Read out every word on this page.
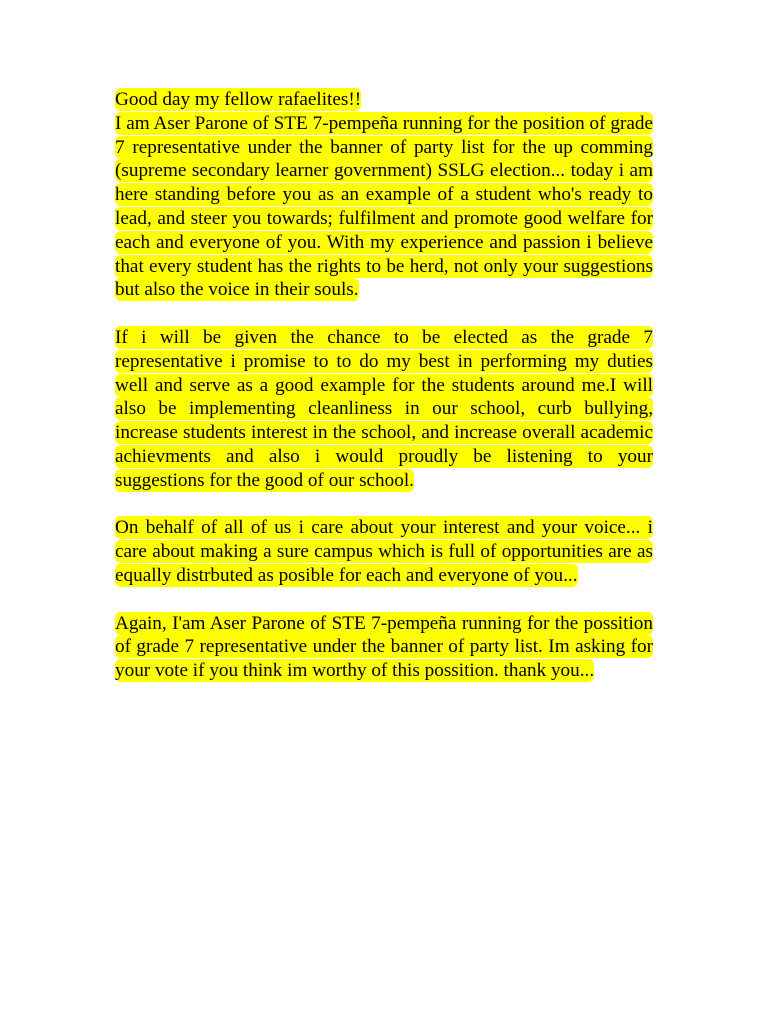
Good day my fellow rafaelites!!
I am Aser Parone of STE 7-pempeña running for the position of grade 7 representative under the banner of party list for the up comming (supreme secondary learner government) SSLG election... today i am here standing before you as an example of a student who's ready to lead, and steer you towards; fulfilment and promote good welfare for each and everyone of you. With my experience and passion i believe that every student has the rights to be herd, not only your suggestions but also the voice in their souls.

If i will be given the chance to be elected as the grade 7 representative i promise to to do my best in performing my duties well and serve as a good example for the students around me.I will also be implementing cleanliness in our school, curb bullying, increase students interest in the school, and increase overall academic achievments and also i would proudly be listening to your suggestions for the good of our school.

On behalf of all of us i care about your interest and your voice... i care about making a sure campus which is full of opportunities are as equally distrbuted as posible for each and everyone of you...

Again, I'am Aser Parone of STE 7-pempeña running for the possition of grade 7 representative under the banner of party list. Im asking for your vote if you think im worthy of this possition. thank you...
